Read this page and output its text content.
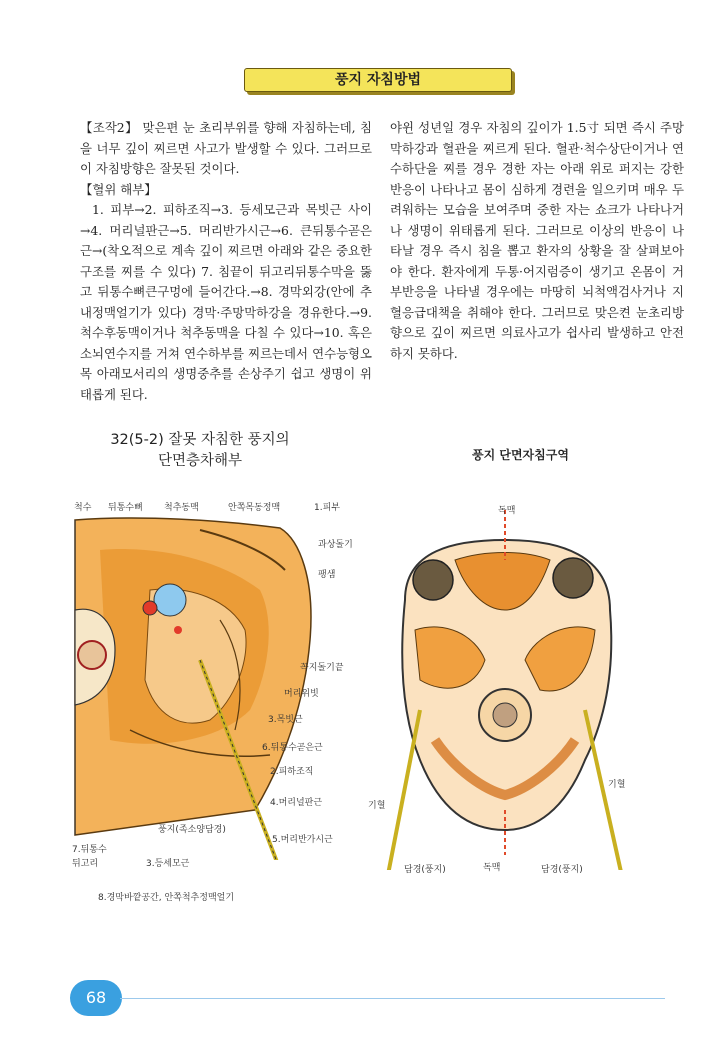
풍지 자침방법

【조작2】 맞은편 눈 초리부위를 향해 자침하는데, 침을 너무 깊이 찌르면 사고가 발생할 수 있다. 그러므로 이 자침방향은 잘못된 것이다.

【혈위 해부】

1. 피부→2. 피하조직→3. 등세모근과 목빗근 사이 →4. 머리널판근→5. 머리반가시근→6. 큰뒤통수곧은근→(착오적으로 계속 깊이 찌르면 아래와 같은 중요한 구조를 찌를 수 있다) 7. 침끝이 뒤고리뒤통수막을 뚫고 뒤통수뼈큰구멍에 들어간다.→8. 경막외강(안에 추내정맥얼기가 있다) 경막·주망막하강을 경유한다.→9. 척수후동맥이거나 척추동맥을 다칠 수 있다→10. 혹은 소뇌연수지를 거쳐 연수하부를 찌르는데서 연수능형오목 아래모서리의 생명중추를 손상주기 쉽고 생명이 위태롭게 된다.

야윈 성년일 경우 자침의 깊이가 1.5寸 되면 즉시 주망막하강과 혈관을 찌르게 된다. 혈관·척수상단이거나 연수하단을 찌를 경우 경한 자는 아래 위로 퍼지는 강한 반응이 나타나고 몸이 심하게 경련을 일으키며 매우 두려워하는 모습을 보여주며 중한 자는 쇼크가 나타나거나 생명이 위태롭게 된다. 그러므로 이상의 반응이 나타날 경우 즉시 침을 뽑고 환자의 상황을 잘 살펴보아야 한다. 환자에게 두통·어지럼증이 생기고 온몸이 거부반응을 나타낼 경우에는 마땅히 뇌척액검사거나 지혈응급대책을 취해야 한다. 그러므로 맞은켠 눈초리방향으로 깊이 찌르면 의료사고가 쉽사리 발생하고 안전하지 못하다.

32(5-2) 잘못 자침한 풍지의
단면층차해부	풍지 단면자침구역
척수 뒤통수뼈 척추동맥	안쪽목동정맥	1.피부
과상돌기
팽샘
꼭지돌기끝
머리위빗
3.목빗근
6.뒤통수곧은근
2.피하조직
4.머리널판근
풍지(족소양담경)
5.머리반가시근
7.뒤통수
뒤고리	3.등세모근
8.경막바깥공간, 안쪽척추정맥얼기
독맥
기혈
기혈
담경(풍지)	독맥	담경(풍지)
68
